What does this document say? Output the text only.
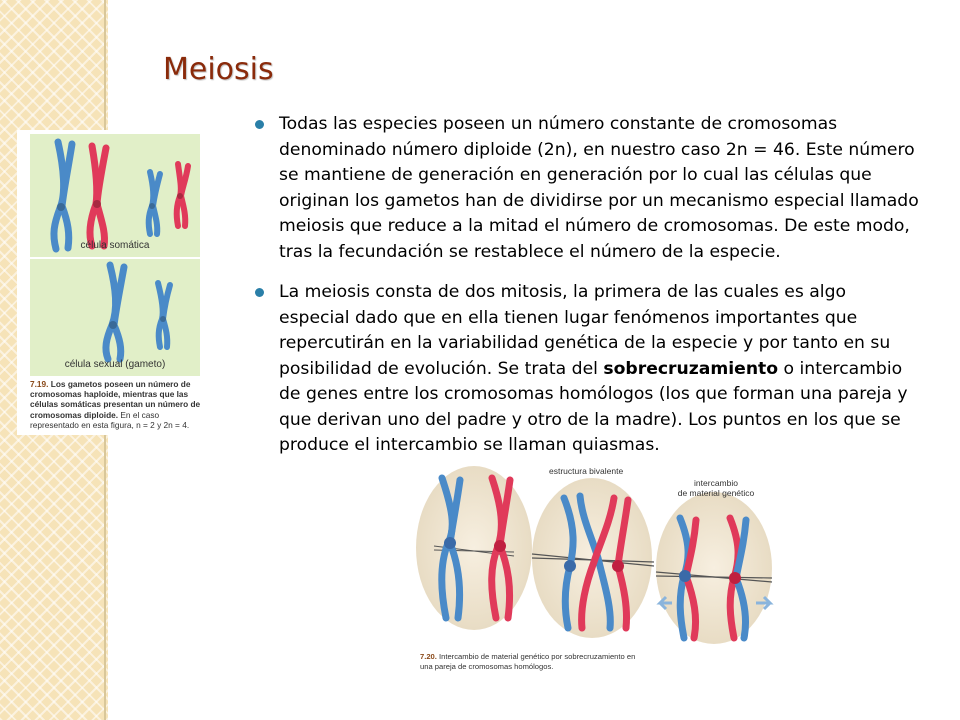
Meiosis
Todas las especies poseen un número constante de cromosomas denominado número diploide (2n), en nuestro caso 2n = 46. Este número se mantiene de generación en generación por lo cual las células que originan los gametos han de dividirse por un mecanismo especial llamado meiosis que reduce a la mitad el número de cromosomas. De este modo, tras la fecundación se restablece el número de la especie.
La meiosis consta de dos mitosis, la primera de las cuales es algo especial dado que en ella tienen lugar fenómenos importantes que repercutirán en la variabilidad genética de la especie y por tanto en su posibilidad de evolución. Se trata del sobrecruzamiento o intercambio de genes entre los cromosomas homólogos (los que forman una pareja y que derivan uno del padre y otro de la madre). Los puntos en los que se produce el intercambio se llaman quiasmas.
célula somática
célula sexual (gameto)
7.19. Los gametos poseen un número de cromosomas haploide, mientras que las células somáticas presentan un número de cromosomas diploide. En el caso representado en esta figura, n = 2 y 2n = 4.
estructura bivalente
intercambio
de material genético
7.20. Intercambio de material genético por sobrecruzamiento en una pareja de cromosomas homólogos.
